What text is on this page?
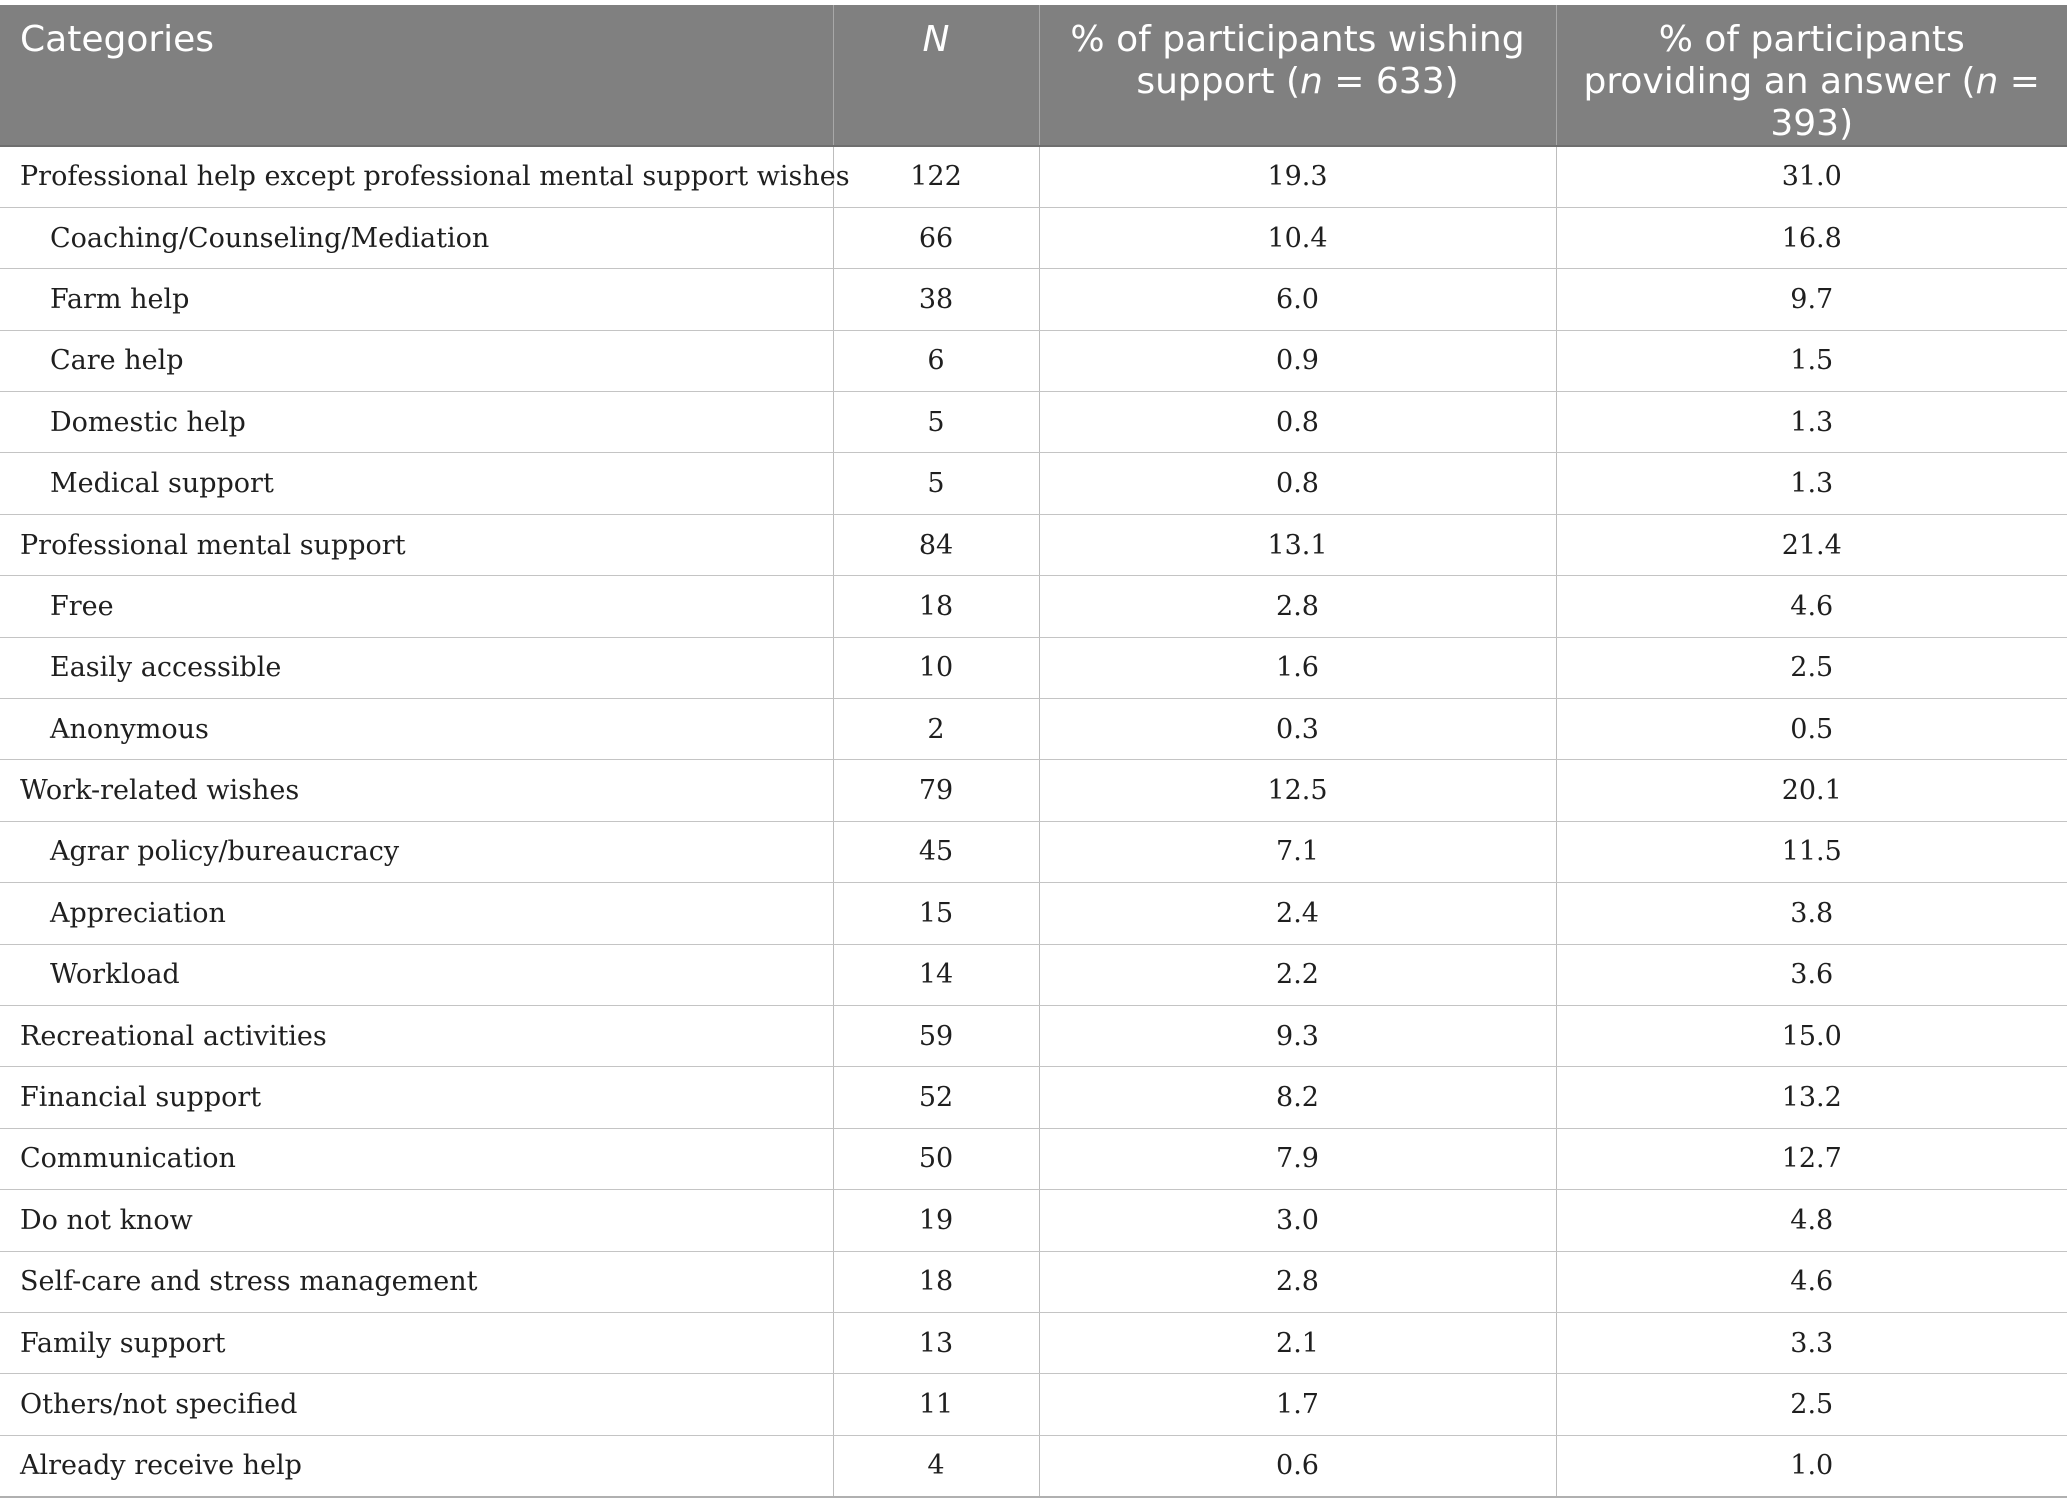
Categories	N	% of participants wishing support (n = 633)	% of participants providing an answer (n = 393)
Professional help except professional mental support wishes	122	19.3	31.0
Coaching/Counseling/Mediation	66	10.4	16.8
Farm help	38	6.0	9.7
Care help	6	0.9	1.5
Domestic help	5	0.8	1.3
Medical support	5	0.8	1.3
Professional mental support	84	13.1	21.4
Free	18	2.8	4.6
Easily accessible	10	1.6	2.5
Anonymous	2	0.3	0.5
Work-related wishes	79	12.5	20.1
Agrar policy/bureaucracy	45	7.1	11.5
Appreciation	15	2.4	3.8
Workload	14	2.2	3.6
Recreational activities	59	9.3	15.0
Financial support	52	8.2	13.2
Communication	50	7.9	12.7
Do not know	19	3.0	4.8
Self-care and stress management	18	2.8	4.6
Family support	13	2.1	3.3
Others/not specified	11	1.7	2.5
Already receive help	4	0.6	1.0
